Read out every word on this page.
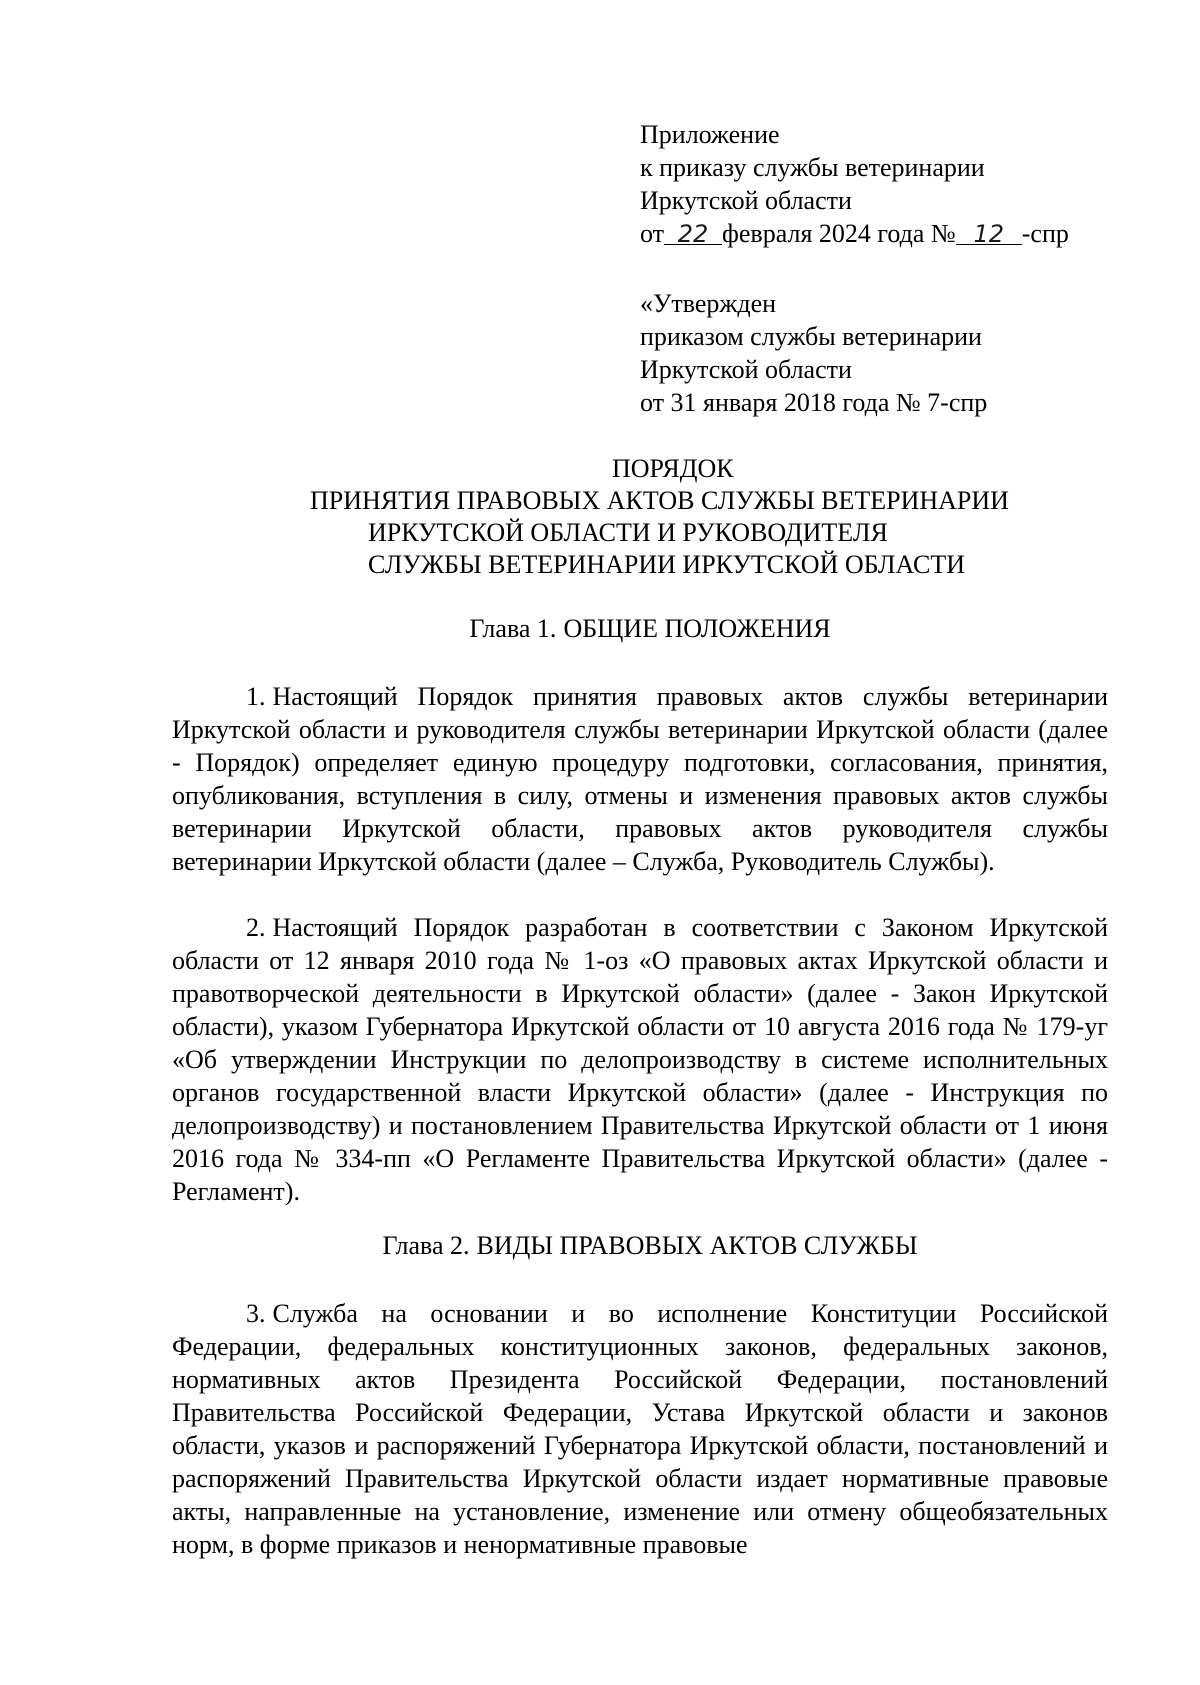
Приложение
к приказу службы ветеринарии
Иркутской области
от 22 февраля 2024 года № 12 -спр
«Утвержден
приказом службы ветеринарии
Иркутской области
от 31 января 2018 года № 7-спр
ПОРЯДОК
ПРИНЯТИЯ ПРАВОВЫХ АКТОВ СЛУЖБЫ ВЕТЕРИНАРИИ
ИРКУТСКОЙ ОБЛАСТИ И РУКОВОДИТЕЛЯ
СЛУЖБЫ ВЕТЕРИНАРИИ ИРКУТСКОЙ ОБЛАСТИ
Глава 1. ОБЩИЕ ПОЛОЖЕНИЯ

1. Настоящий Порядок принятия правовых актов службы ветеринарии Иркутской области и руководителя службы ветеринарии Иркутской области (далее - Порядок) определяет единую процедуру подготовки, согласования, принятия, опубликования, вступления в силу, отмены и изменения правовых актов службы ветеринарии Иркутской области, правовых актов руководителя службы ветеринарии Иркутской области (далее – Служба, Руководитель Службы).

2. Настоящий Порядок разработан в соответствии с Законом Иркутской области от 12 января 2010 года № 1-оз «О правовых актах Иркутской области и правотворческой деятельности в Иркутской области» (далее - Закон Иркутской области), указом Губернатора Иркутской области от 10 августа 2016 года № 179-уг «Об утверждении Инструкции по делопроизводству в системе исполнительных органов государственной власти Иркутской области» (далее - Инструкция по делопроизводству) и постановлением Правительства Иркутской области от 1 июня 2016 года № 334-пп «О Регламенте Правительства Иркутской области» (далее - Регламент).

Глава 2. ВИДЫ ПРАВОВЫХ АКТОВ СЛУЖБЫ

3. Служба на основании и во исполнение Конституции Российской Федерации, федеральных конституционных законов, федеральных законов, нормативных актов Президента Российской Федерации, постановлений Правительства Российской Федерации, Устава Иркутской области и законов области, указов и распоряжений Губернатора Иркутской области, постановлений и распоряжений Правительства Иркутской области издает нормативные правовые акты, направленные на установление, изменение или отмену общеобязательных норм, в форме приказов и ненормативные правовые
